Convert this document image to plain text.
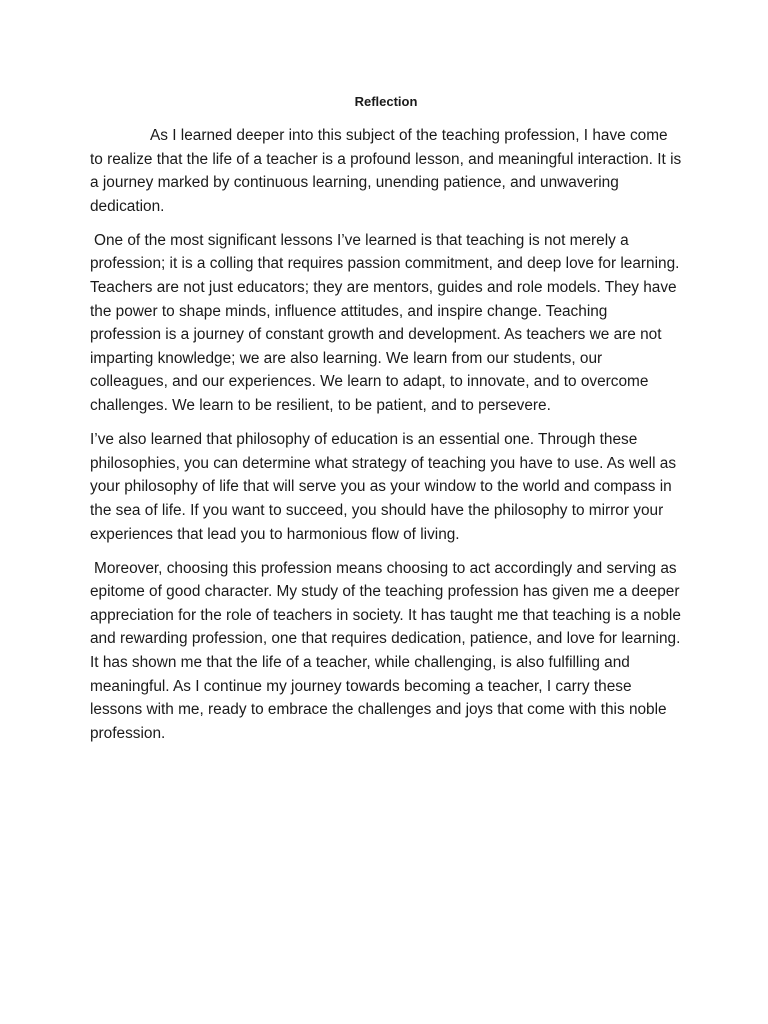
Reflection

As I learned deeper into this subject of the teaching profession, I have come to realize that the life of a teacher is a profound lesson, and meaningful interaction. It is a journey marked by continuous learning, unending patience, and unwavering dedication.

One of the most significant lessons I’ve learned is that teaching is not merely a profession; it is a colling that requires passion commitment, and deep love for learning. Teachers are not just educators; they are mentors, guides and role models. They have the power to shape minds, influence attitudes, and inspire change. Teaching profession is a journey of constant growth and development. As teachers we are not imparting knowledge; we are also learning. We learn from our students, our colleagues, and our experiences. We learn to adapt, to innovate, and to overcome challenges. We learn to be resilient, to be patient, and to persevere.

I’ve also learned that philosophy of education is an essential one. Through these philosophies, you can determine what strategy of teaching you have to use. As well as your philosophy of life that will serve you as your window to the world and compass in the sea of life. If you want to succeed, you should have the philosophy to mirror your experiences that lead you to harmonious flow of living.

Moreover, choosing this profession means choosing to act accordingly and serving as epitome of good character. My study of the teaching profession has given me a deeper appreciation for the role of teachers in society. It has taught me that teaching is a noble and rewarding profession, one that requires dedication, patience, and love for learning. It has shown me that the life of a teacher, while challenging, is also fulfilling and meaningful. As I continue my journey towards becoming a teacher, I carry these lessons with me, ready to embrace the challenges and joys that come with this noble profession.
